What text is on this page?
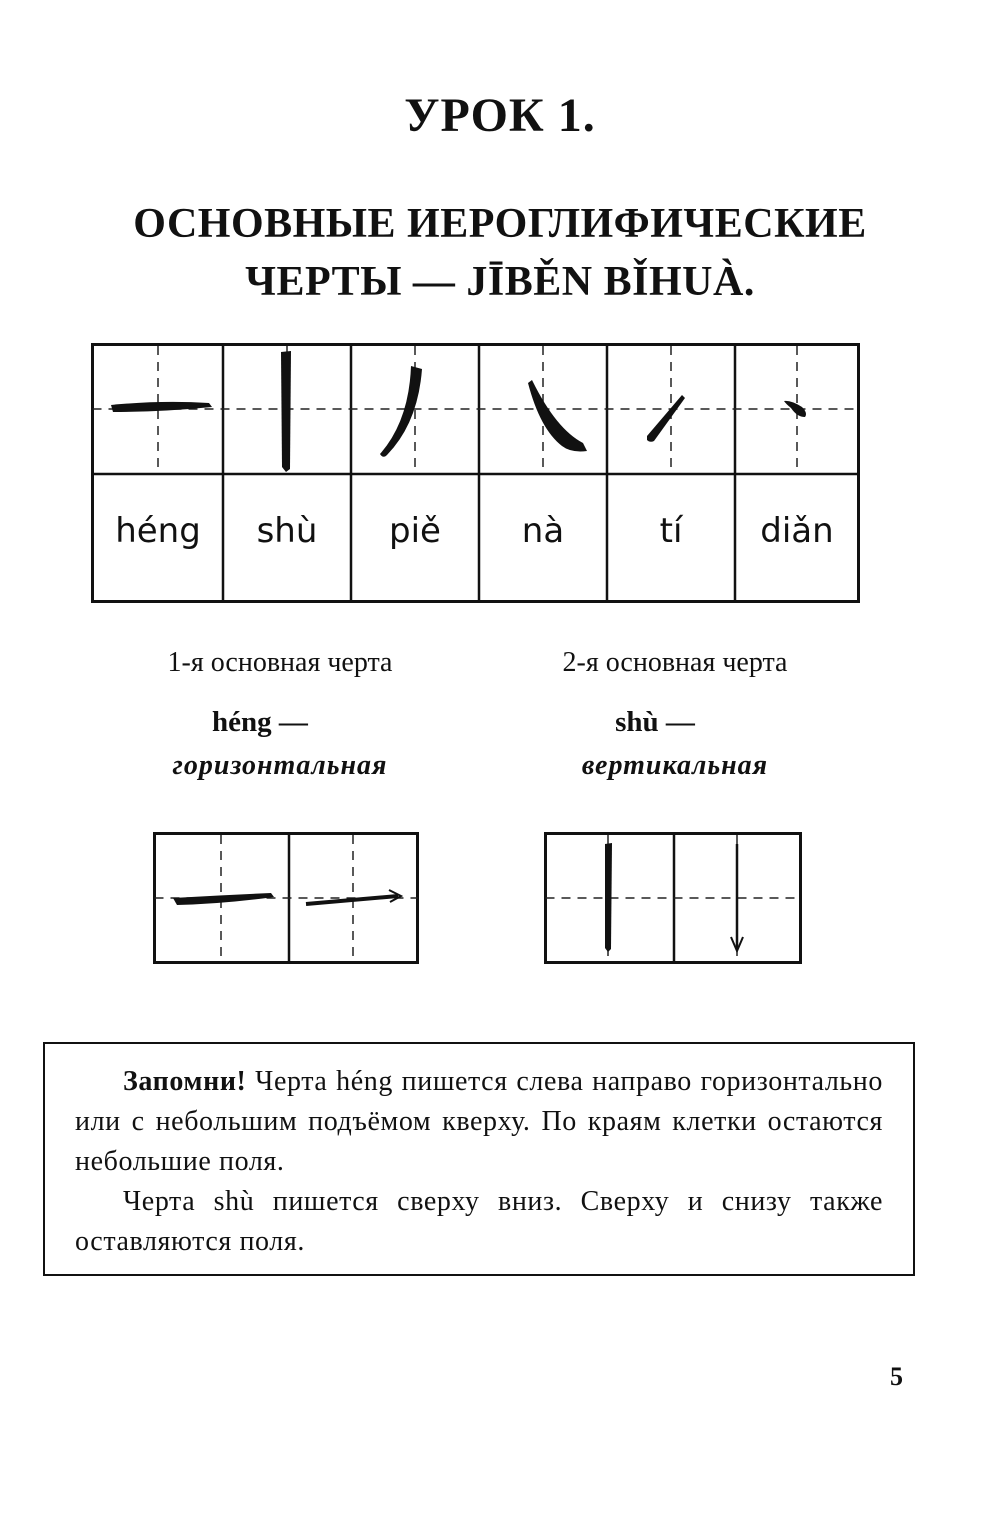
УРОК 1.
ОСНОВНЫЕ ИЕРОГЛИФИЧЕСКИЕ
ЧЕРТЫ — JĪBĚN BǏHUÀ.
héng shù piě nà	tí diǎn
1-я основная черта
héng —
горизонтальная
2-я основная черта
shù —
вертикальная

Запомни! Черта héng пишется слева направо горизонтально или с небольшим подъёмом кверху. По краям клетки остаются небольшие поля.

Черта shù пишется сверху вниз. Сверху и снизу также оставляются поля.

5
